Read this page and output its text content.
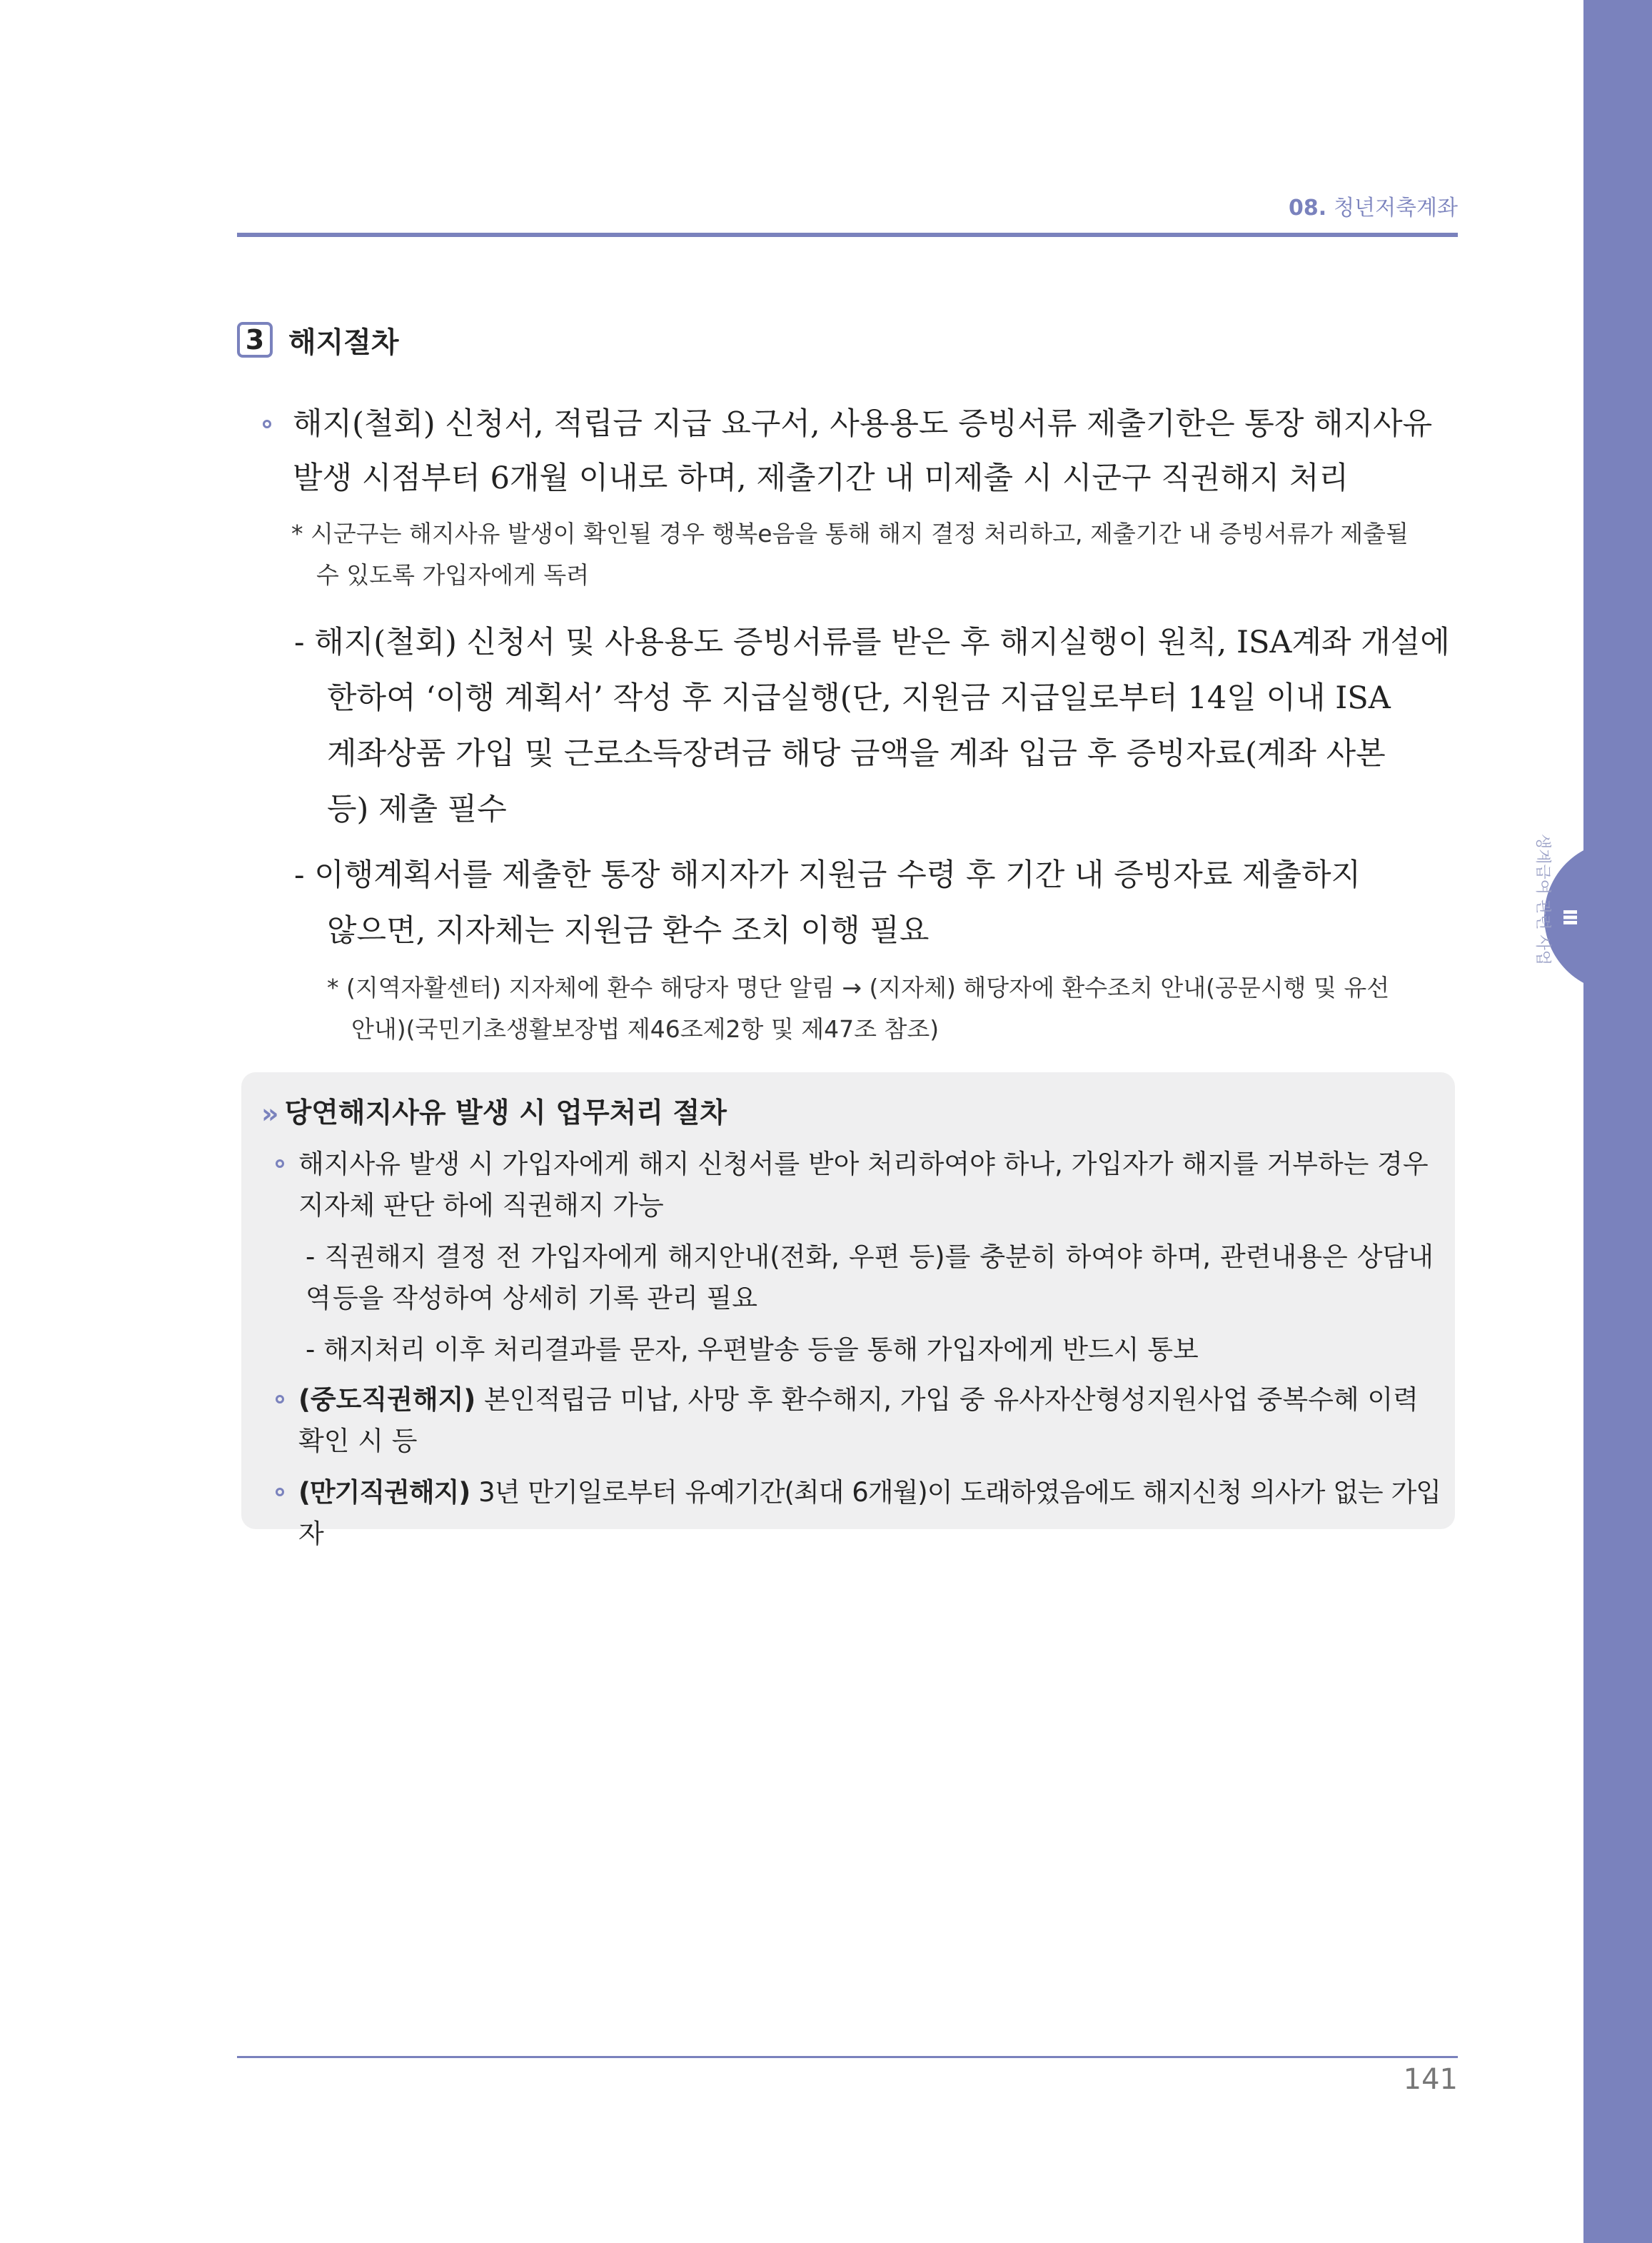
Ⅲ
생계급여 관련 사업
08. 청년저축계좌
3 해지절차
해지(철회) 신청서, 적립금 지급 요구서, 사용용도 증빙서류 제출기한은 통장 해지사유
발생 시점부터 6개월 이내로 하며, 제출기간 내 미제출 시 시군구 직권해지 처리
* 시군구는 해지사유 발생이 확인될 경우 행복e음을 통해 해지 결정 처리하고, 제출기간 내 증빙서류가 제출될
수 있도록 가입자에게 독려
- 해지(철회) 신청서 및 사용용도 증빙서류를 받은 후 해지실행이 원칙, ISA계좌 개설에
한하여 ‘이행 계획서’ 작성 후 지급실행(단, 지원금 지급일로부터 14일 이내 ISA
계좌상품 가입 및 근로소득장려금 해당 금액을 계좌 입금 후 증빙자료(계좌 사본
등) 제출 필수
- 이행계획서를 제출한 통장 해지자가 지원금 수령 후 기간 내 증빙자료 제출하지
않으면, 지자체는 지원금 환수 조치 이행 필요
* (지역자활센터) 지자체에 환수 해당자 명단 알림 → (지자체) 해당자에 환수조치 안내(공문시행 및 유선
안내)(국민기초생활보장법 제46조제2항 및 제47조 참조)
» 당연해지사유 발생 시 업무처리 절차
해지사유 발생 시 가입자에게 해지 신청서를 받아 처리하여야 하나, 가입자가 해지를 거부하는 경우
지자체 판단 하에 직권해지 가능
- 직권해지 결정 전 가입자에게 해지안내(전화, 우편 등)를 충분히 하여야 하며, 관련내용은 상담내역 등을 작성하여 상세히 기록 관리 필요
- 해지처리 이후 처리결과를 문자, 우편발송 등을 통해 가입자에게 반드시 통보
(중도직권해지) 본인적립금 미납, 사망 후 환수해지, 가입 중 유사자산형성지원사업 중복수혜 이력
확인 시 등
(만기직권해지) 3년 만기일로부터 유예기간(최대 6개월)이 도래하였음에도 해지신청 의사가 없는 가입자
141
